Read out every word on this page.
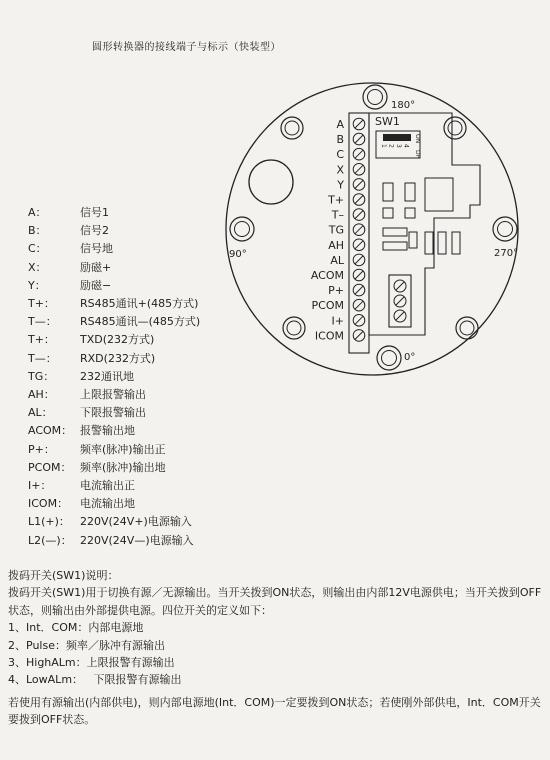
圆形转换器的接线端子与标示（快装型）
180°
90°	270°
0°
A
B
C
X
Y
T+
T–
TG
AH
AL
ACOM
P+
PCOM
I+
ICOM
SW1
ON
DP
1 2 3 4
A：	信号1
B：	信号2
C：	信号地
X：	励磁+
Y：	励磁−
T+：	RS485通讯+(485方式)
T—：	RS485通讯—(485方式)
T+：	TXD(232方式)
T—：	RXD(232方式)
TG：	232通讯地
AH：	上限报警输出
AL：	下限报警输出
ACOM： 报警输出地
P+：	频率(脉冲)输出正
PCOM： 频率(脉冲)输出地
I+：	电流输出正
ICOM：	电流输出地
L1(+)： 220V(24V+)电源输入
L2(—)： 220V(24V—)电源输入
拨码开关(SW1)说明：
拨码开关(SW1)用于切换有源／无源输出。当开关拨到ON状态，则输出由内部12V电源供电；当开关拨到OFF状态，则输出由外部提供电源。四位开关的定义如下：
1、Int．COM：内部电源地
2、Pulse：频率／脉冲有源输出
3、HighALm：上限报警有源输出
4、LowALm：   下限报警有源输出
若使用有源输出(内部供电)，则内部电源地(Int．COM)一定要拨到ON状态；若使刚外部供电，Int．COM开关要拨到OFF状态。
